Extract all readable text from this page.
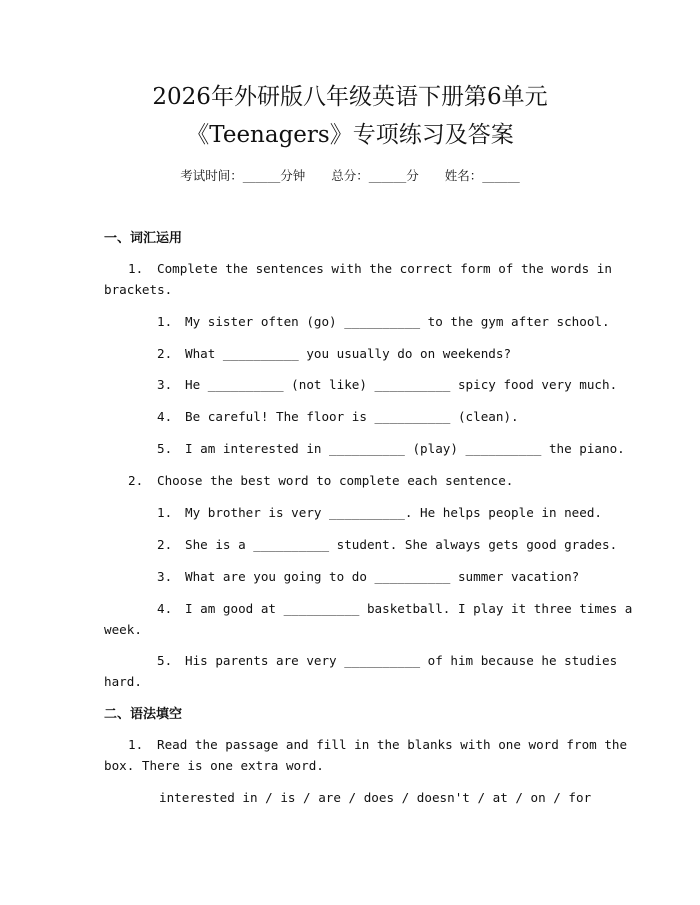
2026年外研版八年级英语下册第6单元
《Teenagers》专项练习及答案
考试时间：______分钟 总分：______分 姓名：______
一、词汇运用
1. Complete the sentences with the correct form of the words in
brackets.
1. My sister often (go) __________ to the gym after school.
2. What __________ you usually do on weekends?
3. He __________ (not like) __________ spicy food very much.
4. Be careful! The floor is __________ (clean).
5. I am interested in __________ (play) __________ the piano.
2. Choose the best word to complete each sentence.
1. My brother is very __________. He helps people in need.
2. She is a __________ student. She always gets good grades.
3. What are you going to do __________ summer vacation?
4. I am good at __________ basketball. I play it three times a
week.
5. His parents are very __________ of him because he studies
hard.
二、语法填空
1. Read the passage and fill in the blanks with one word from the
box. There is one extra word.
interested in / is / are / does / doesn't / at / on / for
